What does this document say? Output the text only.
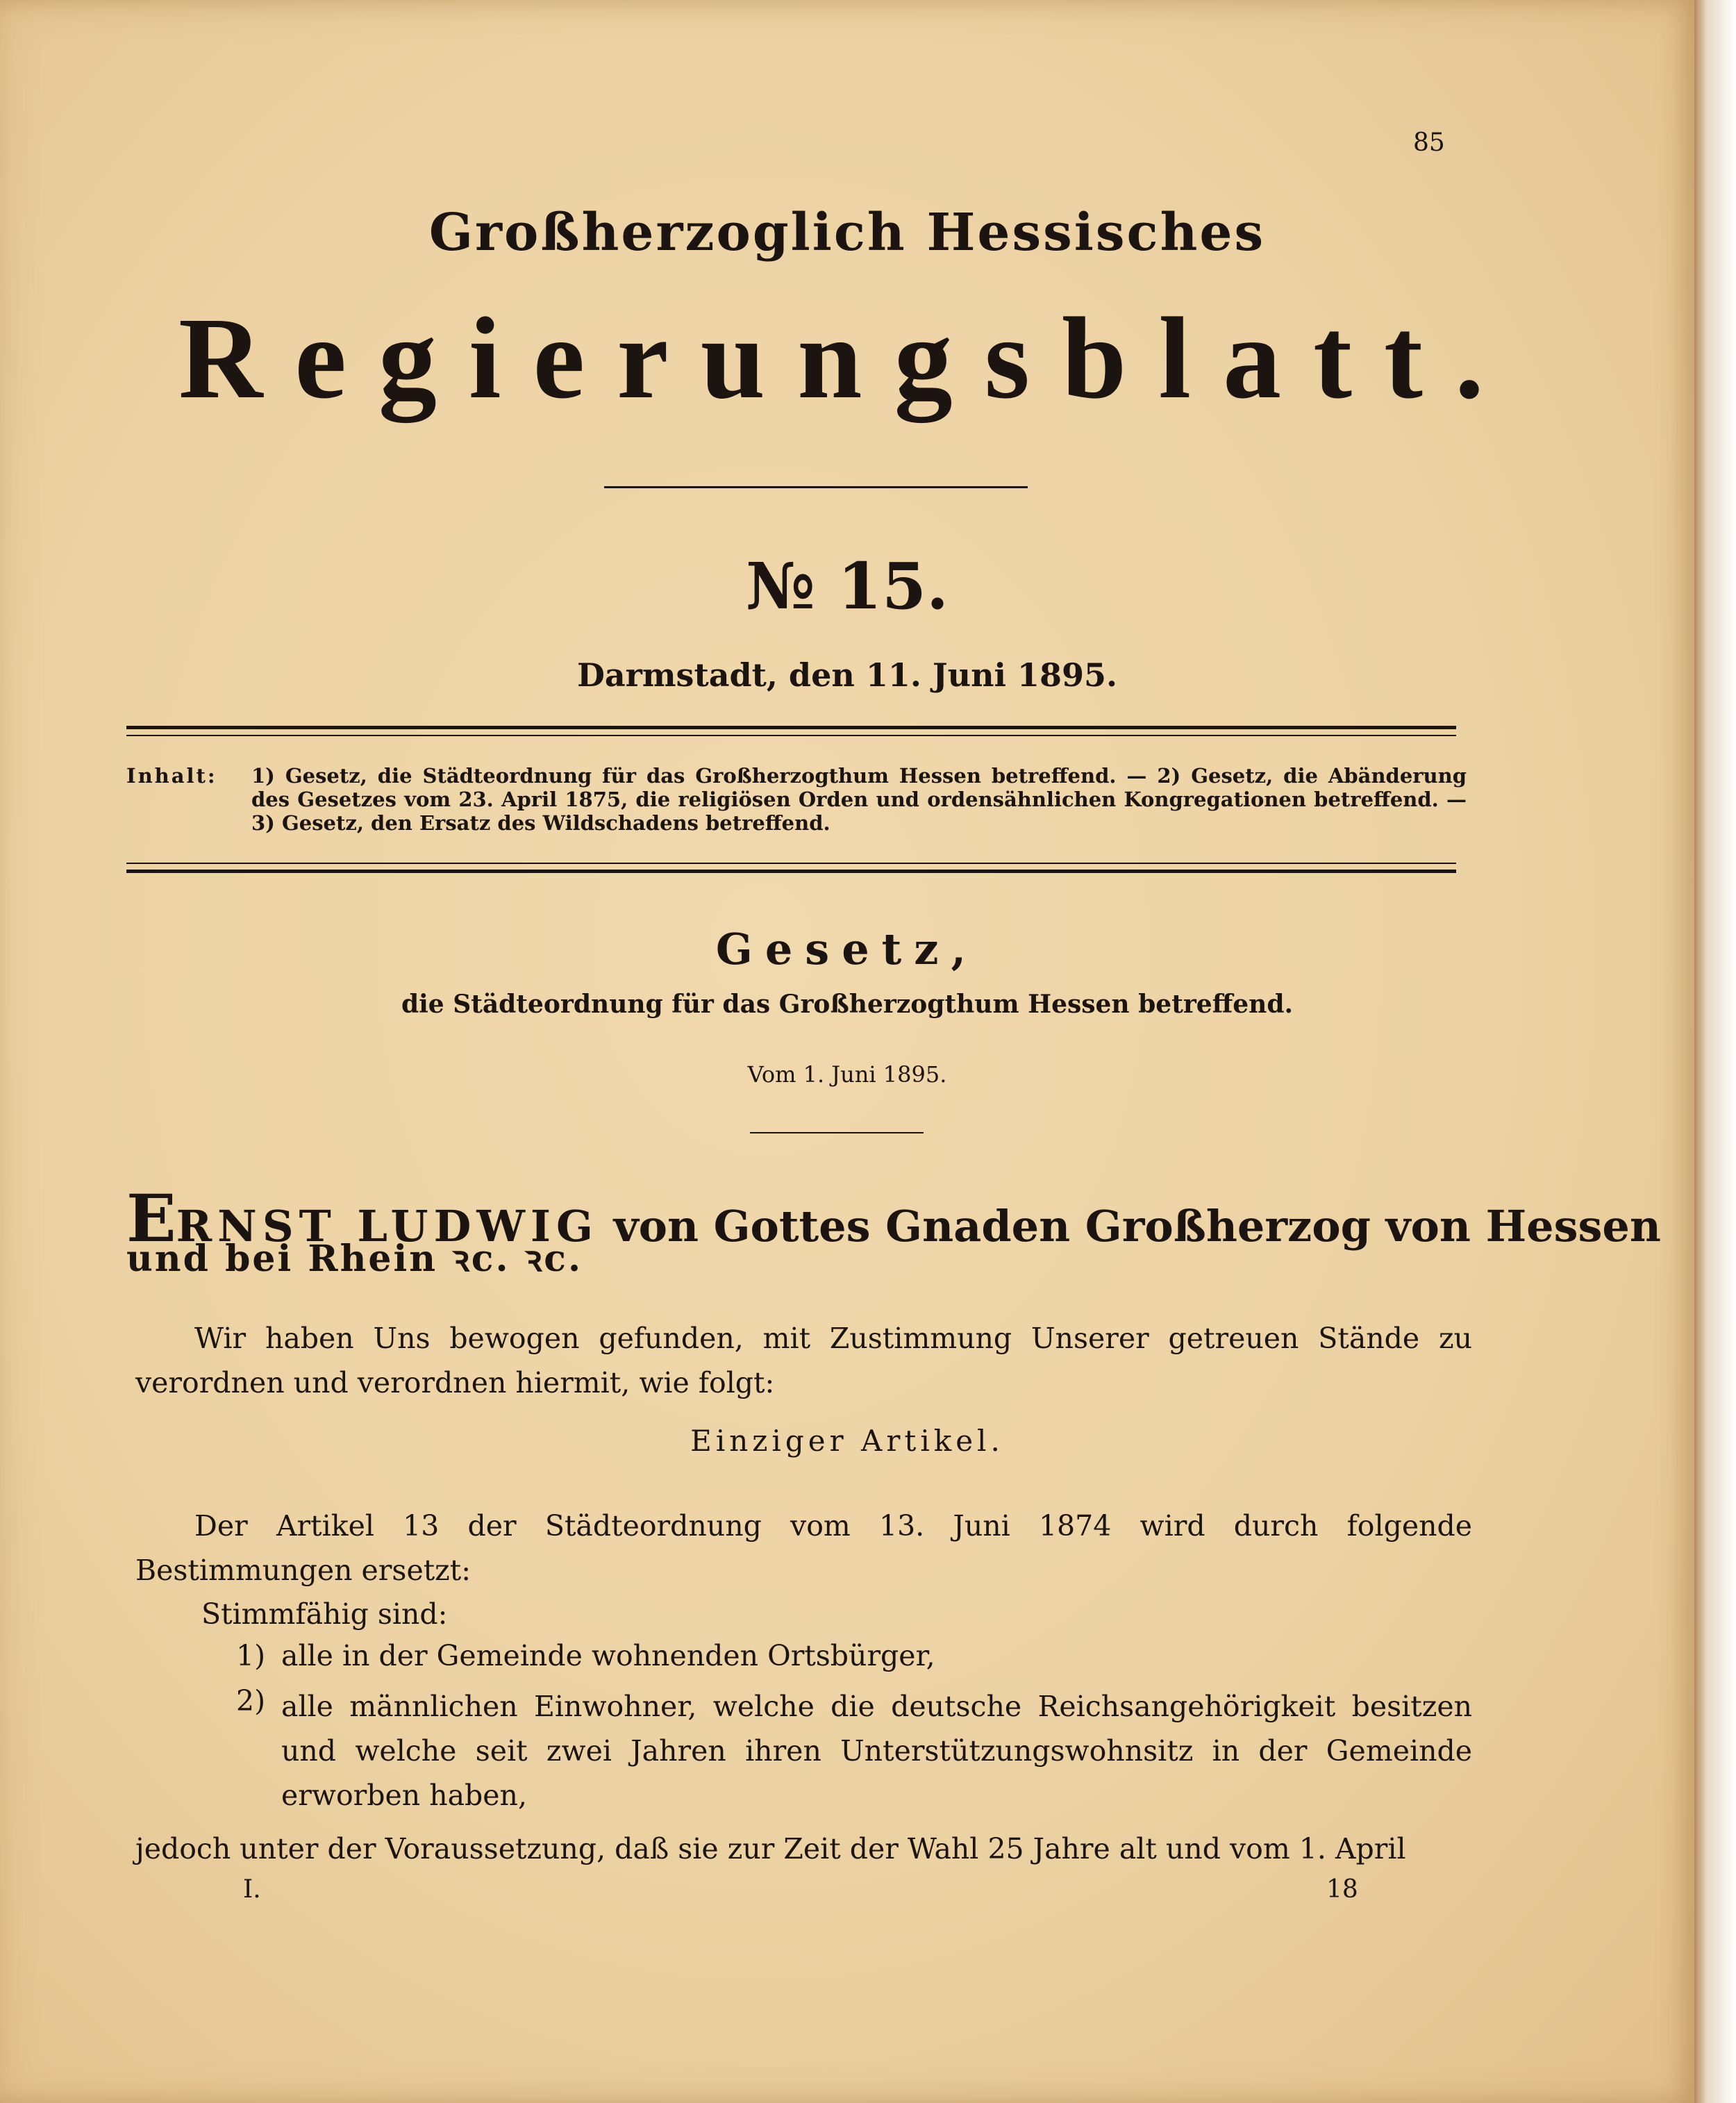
85
Großherzoglich Hessisches
Regierungsblatt.
№ 15.
Darmstadt, den 11. Juni 1895.
Inhalt: 1) Gesetz, die Städteordnung für das Großherzogthum Hessen betreffend. — 2) Gesetz, die Abänderung des Gesetzes vom 23. April 1875, die religiösen Orden und ordensähnlichen Kongregationen betreffend. — 3) Gesetz, den Ersatz des Wildschadens betreffend.
Gesetz,
die Städteordnung für das Großherzogthum Hessen betreffend.
Vom 1. Juni 1895.
ERNST LUDWIG von Gottes Gnaden Großherzog von Hessen
und bei Rhein ꝛc. ꝛc.
Wir haben Uns bewogen gefunden, mit Zustimmung Unserer getreuen Stände zu verordnen und verordnen hiermit, wie folgt:
Einziger Artikel.
Der Artikel 13 der Städteordnung vom 13. Juni 1874 wird durch folgende Bestimmungen ersetzt:
Stimmfähig sind:
1) alle in der Gemeinde wohnenden Ortsbürger,
2) alle männlichen Einwohner, welche die deutsche Reichsangehörigkeit besitzen und welche seit zwei Jahren ihren Unterstützungswohnsitz in der Gemeinde erworben haben,
jedoch unter der Voraussetzung, daß sie zur Zeit der Wahl 25 Jahre alt und vom 1. April
I.	18
